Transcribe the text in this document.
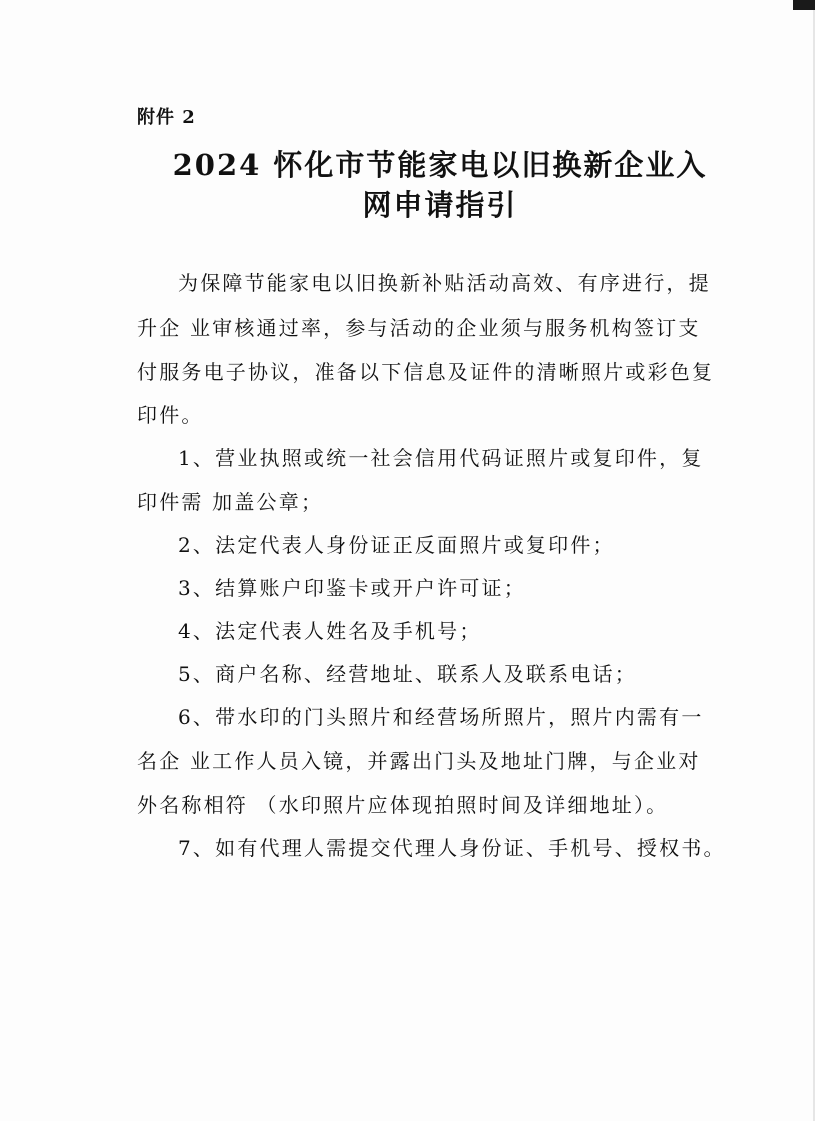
附件 2
2024 怀化市节能家电以旧换新企业入
网申请指引
为保障节能家电以旧换新补贴活动高效、有序进行，提
升企 业审核通过率，参与活动的企业须与服务机构签订支
付服务电子协议，准备以下信息及证件的清晰照片或彩色复
印件。
1、营业执照或统一社会信用代码证照片或复印件，复
印件需 加盖公章；
2、法定代表人身份证正反面照片或复印件；
3、结算账户印鉴卡或开户许可证；
4、法定代表人姓名及手机号；
5、商户名称、经营地址、联系人及联系电话；
6、带水印的门头照片和经营场所照片，照片内需有一
名企 业工作人员入镜，并露出门头及地址门牌，与企业对
外名称相符 （水印照片应体现拍照时间及详细地址）。
7、如有代理人需提交代理人身份证、手机号、授权书。
